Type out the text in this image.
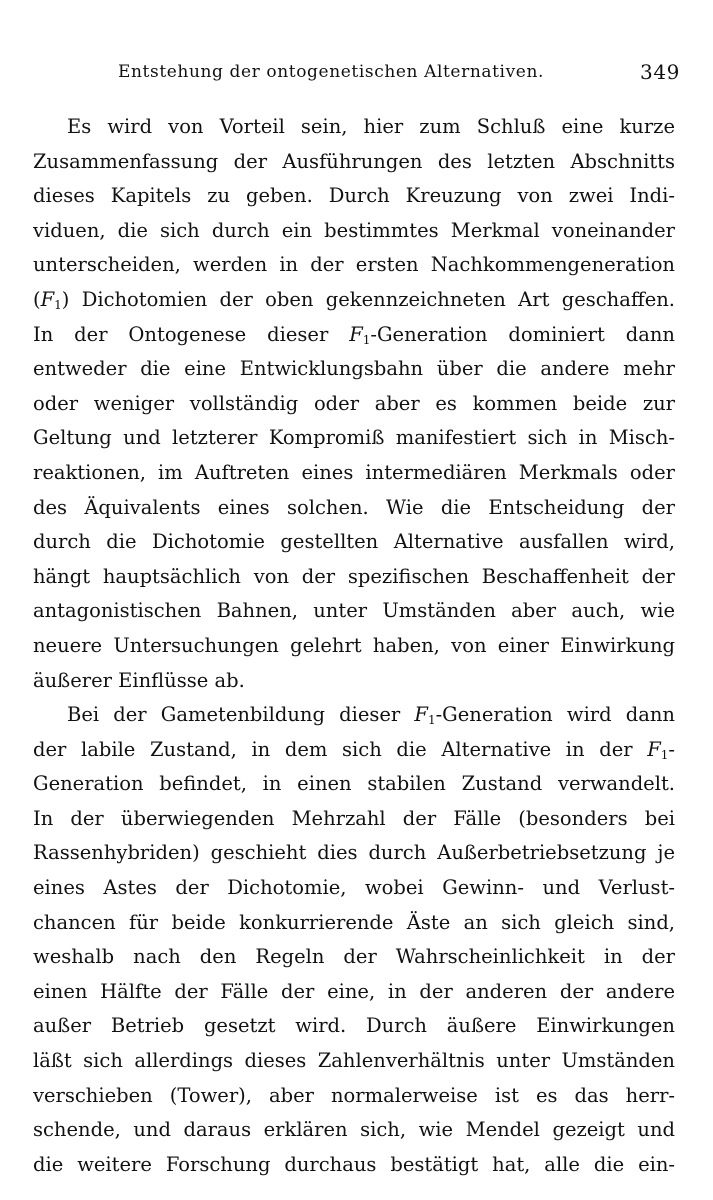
Entstehung der ontogenetischen Alternativen.	349
Es wird von Vorteil sein, hier zum Schluß eine kurze
Zusammenfassung der Ausführungen des letzten Abschnitts
dieses Kapitels zu geben. Durch Kreuzung von zwei Indi-
viduen, die sich durch ein bestimmtes Merkmal voneinander
unterscheiden, werden in der ersten Nachkommengeneration
$(F_1)$ Dichotomien der oben gekennzeichneten Art geschaffen.
In der Ontogenese dieser $F_1$-Generation dominiert dann
entweder die eine Entwicklungsbahn über die andere mehr
oder weniger vollständig oder aber es kommen beide zur
Geltung und letzterer Kompromiß manifestiert sich in Misch-
reaktionen, im Auftreten eines intermediären Merkmals oder
des Äquivalents eines solchen. Wie die Entscheidung der
durch die Dichotomie gestellten Alternative ausfallen wird,
hängt hauptsächlich von der spezifischen Beschaffenheit der
antagonistischen Bahnen, unter Umständen aber auch, wie
neuere Untersuchungen gelehrt haben, von einer Einwirkung
äußerer Einflüsse ab.
Bei der Gametenbildung dieser $F_1$-Generation wird dann
der labile Zustand, in dem sich die Alternative in der $F_1-$
Generation befindet, in einen stabilen Zustand verwandelt.
In der überwiegenden Mehrzahl der Fälle (besonders bei
Rassenhybriden) geschieht dies durch Außerbetriebsetzung je
eines Astes der Dichotomie, wobei Gewinn- und Verlust-
chancen für beide konkurrierende Äste an sich gleich sind,
weshalb nach den Regeln der Wahrscheinlichkeit in der
einen Hälfte der Fälle der eine, in der anderen der andere
außer Betrieb gesetzt wird. Durch äußere Einwirkungen
läßt sich allerdings dieses Zahlenverhältnis unter Umständen
verschieben (Tower), aber normalerweise ist es das herr-
schende, und daraus erklären sich, wie Mendel gezeigt und
die weitere Forschung durchaus bestätigt hat, alle die ein-
